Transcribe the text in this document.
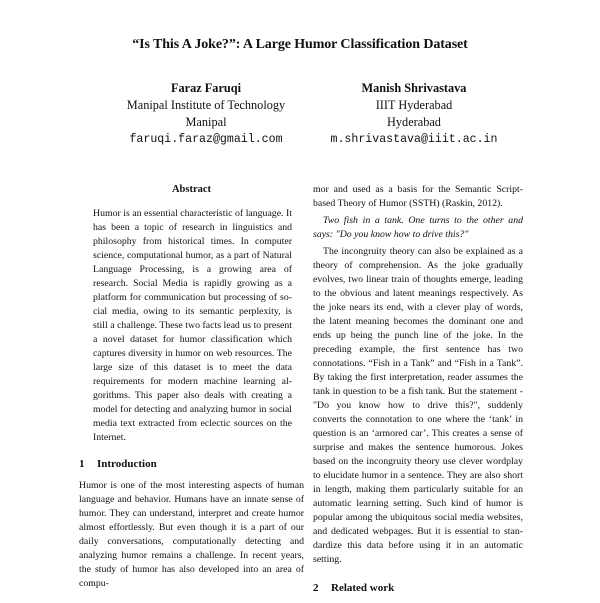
“Is This A Joke?”: A Large Humor Classification Dataset
Faraz Faruqi
Manipal Institute of Technology
Manipal
faruqi.faraz@gmail.com
Manish Shrivastava
IIIT Hyderabad
Hyderabad
m.shrivastava@iiit.ac.in
Abstract
Humor is an essential characteristic of language. It has been a topic of research in linguistics and philosophy from historical times. In computer science, computational humor, as a part of Natural Language Processing, is a growing area of research. Social Media is rapidly growing as a platform for communication but processing of social media, owing to its semantic perplexity, is still a challenge. These two facts lead us to present a novel dataset for humor classification which captures diversity in humor on web resources. The large size of this dataset is to meet the data requirements for modern machine learning algorithms. This paper also deals with creating a model for detecting and analyzing humor in social media text extracted from eclectic sources on the Internet.
1 Introduction

Humor is one of the most interesting aspects of human language and behavior. Humans have an innate sense of humor. They can understand, interpret and create humor almost effortlessly. But even though it is a part of our daily conversations, computationally detecting and analyzing humor remains a challenge. In recent years, the study of humor has also developed into an area of compu-

mor and used as a basis for the Semantic Script-based Theory of Humor (SSTH) (Raskin, 2012).

Two fish in a tank. One turns to the other and says: "Do you know how to drive this?"

The incongruity theory can also be explained as a theory of comprehension. As the joke gradually evolves, two linear train of thoughts emerge, leading to the obvious and latent meanings respectively. As the joke nears its end, with a clever play of words, the latent meaning becomes the dominant one and ends up being the punch line of the joke. In the preceding example, the first sentence has two connotations. “Fish in a Tank” and “Fish in a Tank”. By taking the first interpretation, reader assumes the tank in question to be a fish tank. But the statement - "Do you know how to drive this?", suddenly converts the connotation to one where the ‘tank’ in question is an ‘armored car’. This creates a sense of surprise and makes the sentence humorous. Jokes based on the incongruity theory use clever wordplay to elucidate humor in a sentence. They are also short in length, making them particularly suitable for an automatic learning setting. Such kind of humor is popular among the ubiquitous social media websites, and dedicated webpages. But it is essential to standardize this data before using it in an automatic setting.

2 Related work
